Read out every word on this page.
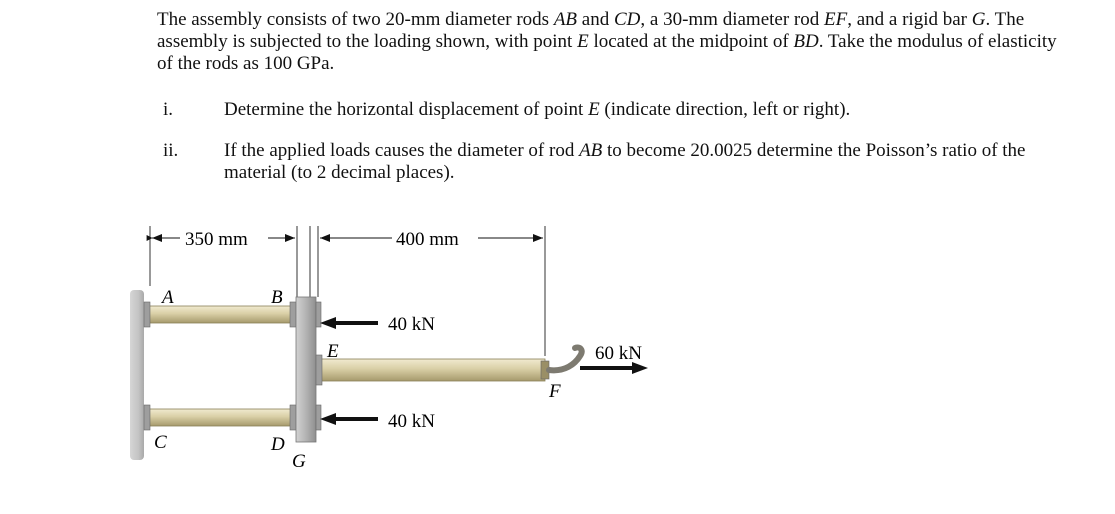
The assembly consists of two 20-mm diameter rods AB and CD, a 30-mm diameter rod EF, and a rigid bar G. The assembly is subjected to the loading shown, with point E located at the midpoint of BD. Take the modulus of elasticity of the rods as 100 GPa.
i.	Determine the horizontal displacement of point E (indicate direction, left or right).
ii. If the applied loads causes the diameter of rod AB to become 20.0025 determine the Poisson’s ratio of the material (to 2 decimal places).
350 mm	400 mm
40 kN
40 kN
60 kN
A	B
C	D
E
F
G
